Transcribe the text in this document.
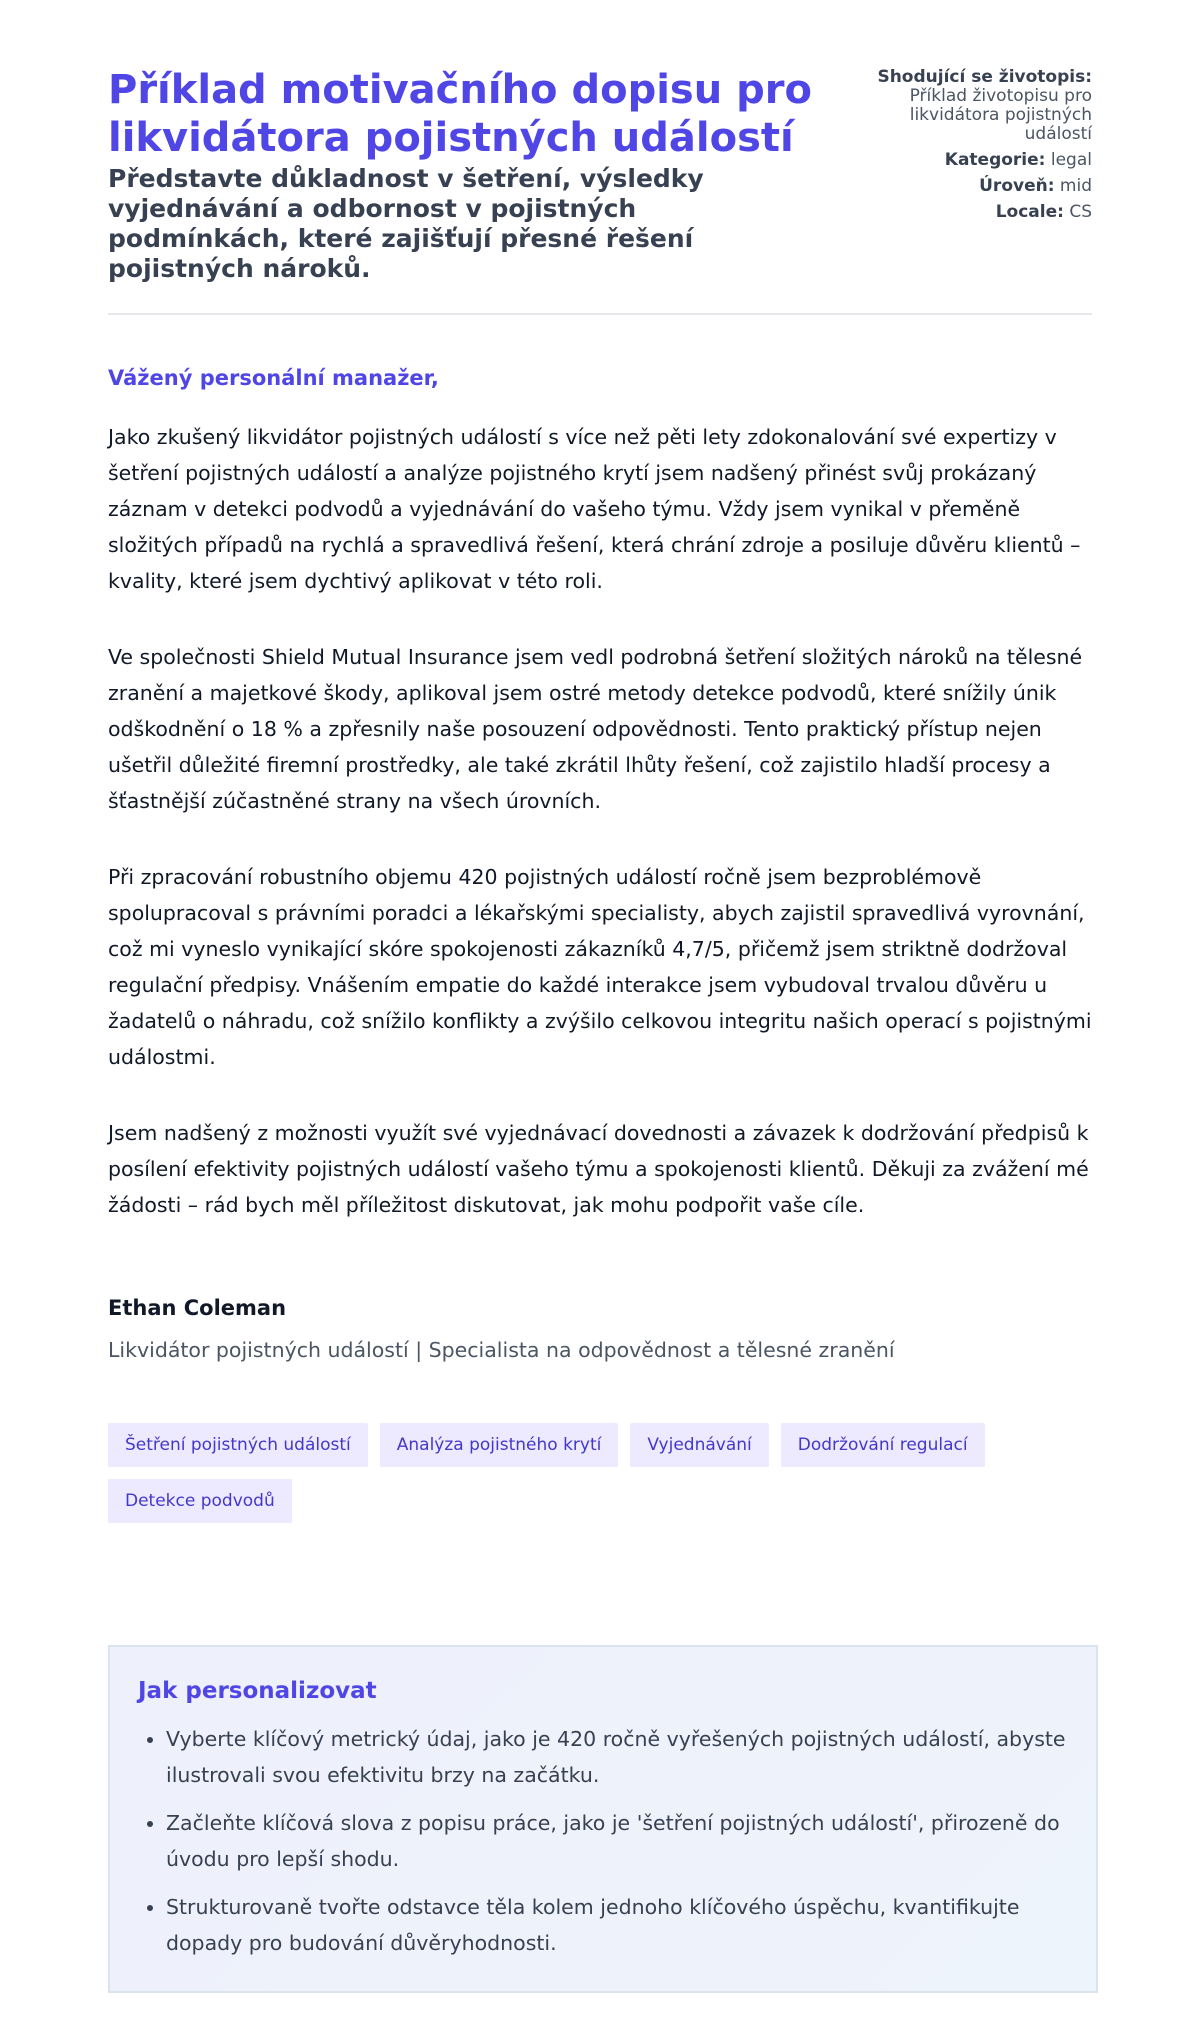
Příklad motivačního dopisu pro likvidátora pojistných událostí
Představte důkladnost v šetření, výsledky vyjednávání a odbornost v pojistných podmínkách, které zajišťují přesné řešení pojistných nároků.
Shodující se životopis:
Příklad životopisu pro likvidátora pojistných událostí
Kategorie: legal
Úroveň: mid
Locale: CS
Vážený personální manažer,

Jako zkušený likvidátor pojistných událostí s více než pěti lety zdokonalování své expertizy v šetření pojistných událostí a analýze pojistného krytí jsem nadšený přinést svůj prokázaný záznam v detekci podvodů a vyjednávání do vašeho týmu. Vždy jsem vynikal v přeměně složitých případů na rychlá a spravedlivá řešení, která chrání zdroje a posiluje důvěru klientů – kvality, které jsem dychtivý aplikovat v této roli.

Ve společnosti Shield Mutual Insurance jsem vedl podrobná šetření složitých nároků na tělesné zranění a majetkové škody, aplikoval jsem ostré metody detekce podvodů, které snížily únik odškodnění o 18 % a zpřesnily naše posouzení odpovědnosti. Tento praktický přístup nejen ušetřil důležité firemní prostředky, ale také zkrátil lhůty řešení, což zajistilo hladší procesy a šťastnější zúčastněné strany na všech úrovních.

Při zpracování robustního objemu 420 pojistných událostí ročně jsem bezproblémově spolupracoval s právními poradci a lékařskými specialisty, abych zajistil spravedlivá vyrovnání, což mi vyneslo vynikající skóre spokojenosti zákazníků 4,7/5, přičemž jsem striktně dodržoval regulační předpisy. Vnášením empatie do každé interakce jsem vybudoval trvalou důvěru u žadatelů o náhradu, což snížilo konflikty a zvýšilo celkovou integritu našich operací s pojistnými událostmi.

Jsem nadšený z možnosti využít své vyjednávací dovednosti a závazek k dodržování předpisů k posílení efektivity pojistných událostí vašeho týmu a spokojenosti klientů. Děkuji za zvážení mé žádosti – rád bych měl příležitost diskutovat, jak mohu podpořit vaše cíle.

Ethan Coleman
Likvidátor pojistných událostí | Specialista na odpovědnost a tělesné zranění
Šetření pojistných událostí	Analýza pojistného krytí	Vyjednávání	Dodržování regulací
Detekce podvodů
Jak personalizovat
• Vyberte klíčový metrický údaj, jako je 420 ročně vyřešených pojistných událostí, abyste ilustrovali svou efektivitu brzy na začátku.
• Začleňte klíčová slova z popisu práce, jako je 'šetření pojistných událostí', přirozeně do úvodu pro lepší shodu.
• Strukturovaně tvořte odstavce těla kolem jednoho klíčového úspěchu, kvantifikujte dopady pro budování důvěryhodnosti.
